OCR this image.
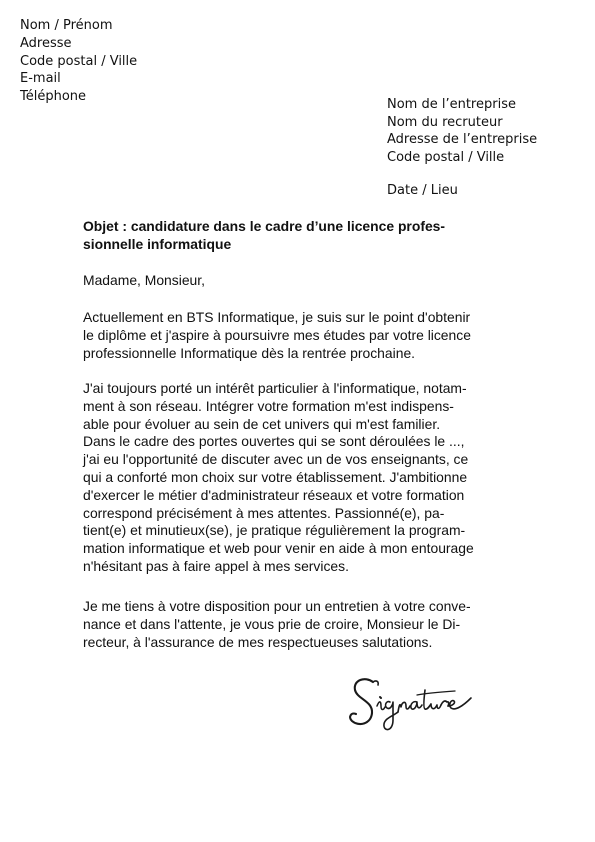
Nom / Prénom
Adresse
Code postal / Ville
E-mail
Téléphone
Nom de l’entreprise
Nom du recruteur
Adresse de l’entreprise
Code postal / Ville
Date / Lieu
Objet : candidature dans le cadre d’une licence profes-
sionnelle informatique
Madame, Monsieur,
Actuellement en BTS Informatique, je suis sur le point d'obtenir
le diplôme et j'aspire à poursuivre mes études par votre licence
professionnelle Informatique dès la rentrée prochaine.
J'ai toujours porté un intérêt particulier à l'informatique, notam-
ment à son réseau. Intégrer votre formation m'est indispens-
able pour évoluer au sein de cet univers qui m'est familier.
Dans le cadre des portes ouvertes qui se sont déroulées le ...,
j'ai eu l'opportunité de discuter avec un de vos enseignants, ce
qui a conforté mon choix sur votre établissement. J'ambitionne
d'exercer le métier d'administrateur réseaux et votre formation
correspond précisément à mes attentes. Passionné(e), pa-
tient(e) et minutieux(se), je pratique régulièrement la program-
mation informatique et web pour venir en aide à mon entourage
n'hésitant pas à faire appel à mes services.
Je me tiens à votre disposition pour un entretien à votre conve-
nance et dans l'attente, je vous prie de croire, Monsieur le Di-
recteur, à l'assurance de mes respectueuses salutations.
